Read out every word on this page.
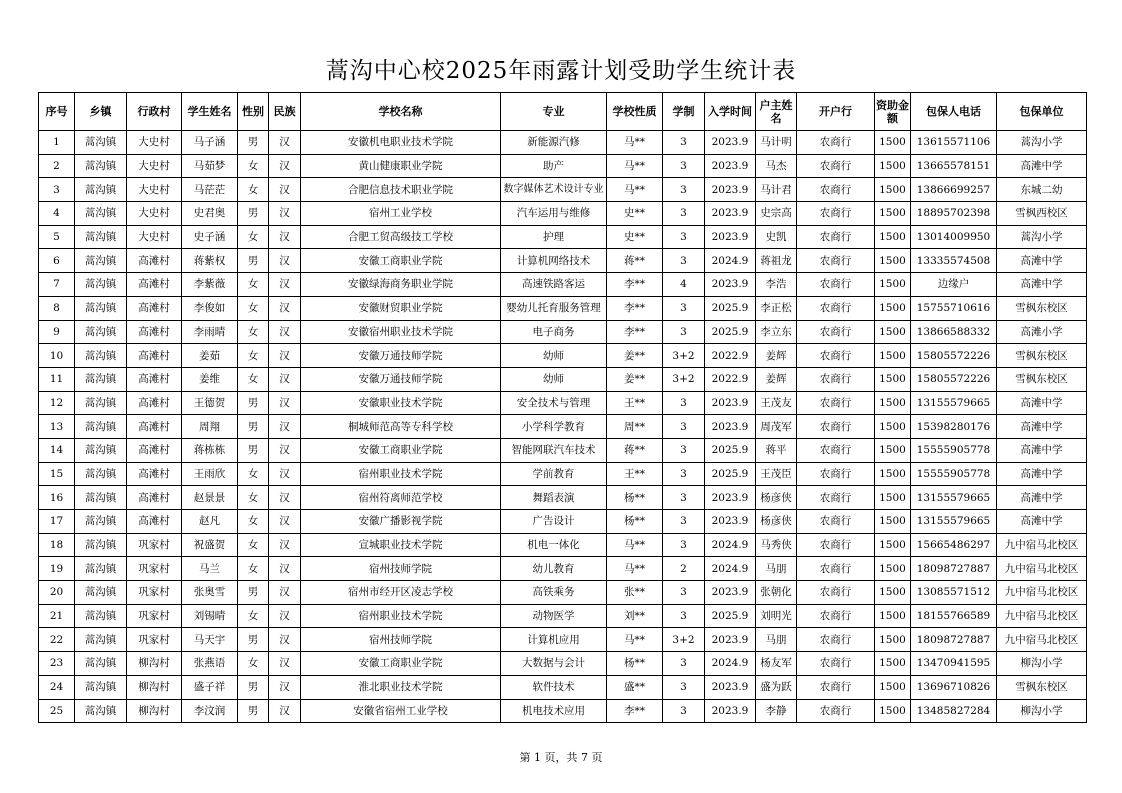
蒿沟中心校2025年雨露计划受助学生统计表
序号	乡镇	行政村	学生姓名	性别	民族	学校名称	专业	学校性质	学制	入学时间	户主姓名	开户行	资助金额	包保人电话	包保单位
1	蒿沟镇	大史村	马子涵	男	汉	安徽机电职业技术学院	新能源汽修	马**	3	2023.9	马计明	农商行	1500	13615571106	蒿沟小学
2	蒿沟镇	大史村	马茹梦	女	汉	黄山健康职业学院	助产	马**	3	2023.9	马杰	农商行	1500	13665578151	高滩中学
3	蒿沟镇	大史村	马茫茫	女	汉	合肥信息技术职业学院	数字媒体艺术设计专业	马**	3	2023.9	马计君	农商行	1500	13866699257	东城二幼
4	蒿沟镇	大史村	史君奥	男	汉	宿州工业学校	汽车运用与维修	史**	3	2023.9	史宗高	农商行	1500	18895702398	雪枫西校区
5	蒿沟镇	大史村	史子涵	女	汉	合肥工贸高级技工学校	护理	史**	3	2023.9	史凯	农商行	1500	13014009950	蒿沟小学
6	蒿沟镇	高滩村	蒋紫权	男	汉	安徽工商职业学院	计算机网络技术	蒋**	3	2024.9	蒋祖龙	农商行	1500	13335574508	高滩中学
7	蒿沟镇	高滩村	李紫薇	女	汉	安徽绿海商务职业学院	高速铁路客运	李**	4	2023.9	李浩	农商行	1500	边缘户	高滩中学
8	蒿沟镇	高滩村	李俊如	女	汉	安徽财贸职业学院	婴幼儿托育服务管理	李**	3	2025.9	李正松	农商行	1500	15755710616	雪枫东校区
9	蒿沟镇	高滩村	李雨晴	女	汉	安徽宿州职业技术学院	电子商务	李**	3	2025.9	李立东	农商行	1500	13866588332	高滩小学
10	蒿沟镇	高滩村	姜茹	女	汉	安徽万通技师学院	幼师	姜**	3+2	2022.9	姜辉	农商行	1500	15805572226	雪枫东校区
11	蒿沟镇	高滩村	姜维	女	汉	安徽万通技师学院	幼师	姜**	3+2	2022.9	姜辉	农商行	1500	15805572226	雪枫东校区
12	蒿沟镇	高滩村	王德贺	男	汉	安徽职业技术学院	安全技术与管理	王**	3	2023.9	王茂友	农商行	1500	13155579665	高滩中学
13	蒿沟镇	高滩村	周翔	男	汉	桐城师范高等专科学校	小学科学教育	周**	3	2023.9	周茂军	农商行	1500	15398280176	高滩中学
14	蒿沟镇	高滩村	蒋栋栋	男	汉	安徽工商职业学院	智能网联汽车技术	蒋**	3	2025.9	蒋平	农商行	1500	15555905778	高滩中学
15	蒿沟镇	高滩村	王雨欣	女	汉	宿州职业技术学院	学前教育	王**	3	2025.9	王茂臣	农商行	1500	15555905778	高滩中学
16	蒿沟镇	高滩村	赵景景	女	汉	宿州符离师范学校	舞蹈表演	杨**	3	2023.9	杨彦侠	农商行	1500	13155579665	高滩中学
17	蒿沟镇	高滩村	赵凡	女	汉	安徽广播影视学院	广告设计	杨**	3	2023.9	杨彦侠	农商行	1500	13155579665	高滩中学
18	蒿沟镇	巩家村	祝盛贺	女	汉	宣城职业技术学院	机电一体化	马**	3	2024.9	马秀侠	农商行	1500	15665486297	九中宿马北校区
19	蒿沟镇	巩家村	马兰	女	汉	宿州技师学院	幼儿教育	马**	2	2024.9	马朋	农商行	1500	18098727887	九中宿马北校区
20	蒿沟镇	巩家村	张奥雪	男	汉	宿州市经开区凌志学校	高铁乘务	张**	3	2023.9	张朝化	农商行	1500	13085571512	九中宿马北校区
21	蒿沟镇	巩家村	刘锡晴	女	汉	宿州职业技术学院	动物医学	刘**	3	2025.9	刘明光	农商行	1500	18155766589	九中宿马北校区
22	蒿沟镇	巩家村	马天宇	男	汉	宿州技师学院	计算机应用	马**	3+2	2023.9	马朋	农商行	1500	18098727887	九中宿马北校区
23	蒿沟镇	柳沟村	张燕语	女	汉	安徽工商职业学院	大数据与会计	杨**	3	2024.9	杨友军	农商行	1500	13470941595	柳沟小学
24	蒿沟镇	柳沟村	盛子祥	男	汉	淮北职业技术学院	软件技术	盛**	3	2023.9	盛为跃	农商行	1500	13696710826	雪枫东校区
25	蒿沟镇	柳沟村	李汶润	男	汉	安徽省宿州工业学校	机电技术应用	李**	3	2023.9	李静	农商行	1500	13485827284	柳沟小学
第 1 页，共 7 页
